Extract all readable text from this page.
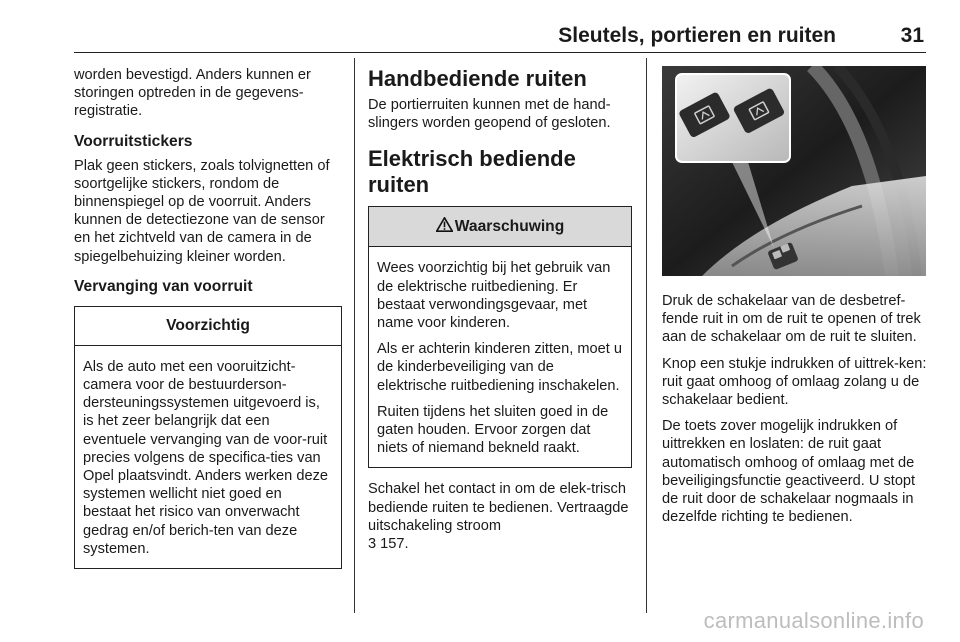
Sleutels, portieren en ruiten	31

worden bevestigd. Anders kunnen er storingen optreden in de gegevens-registratie.

Voorruitstickers

Plak geen stickers, zoals tolvignetten of soortgelijke stickers, rondom de binnenspiegel op de voorruit. Anders kunnen de detectiezone van de sensor en het zichtveld van de camera in de spiegelbehuizing kleiner worden.

Vervanging van voorruit
Voorzichtig

Als de auto met een vooruitzicht-camera voor de bestuurderson-dersteuningssystemen uitgevoerd is, is het zeer belangrijk dat een eventuele vervanging van de voor-ruit precies volgens de specifica-ties van Opel plaatsvindt. Anders werken deze systemen wellicht niet goed en bestaat het risico van onverwacht gedrag en/of berich-ten van deze systemen.

Handbediende ruiten

De portierruiten kunnen met de hand-slingers worden geopend of gesloten.

Elektrisch bediende ruiten
Waarschuwing

Wees voorzichtig bij het gebruik van de elektrische ruitbediening. Er bestaat verwondingsgevaar, met name voor kinderen.

Als er achterin kinderen zitten, moet u de kinderbeveiliging van de elektrische ruitbediening inschakelen.

Ruiten tijdens het sluiten goed in de gaten houden. Ervoor zorgen dat niets of niemand bekneld raakt.

Schakel het contact in om de elek-trisch bediende ruiten te bedienen. Vertraagde uitschakeling stroom

3 157.

Druk de schakelaar van de desbetref-fende ruit in om de ruit te openen of trek aan de schakelaar om de ruit te sluiten.

Knop een stukje indrukken of uittrek-ken: ruit gaat omhoog of omlaag zolang u de schakelaar bedient.

De toets zover mogelijk indrukken of uittrekken en loslaten: de ruit gaat automatisch omhoog of omlaag met de beveiligingsfunctie geactiveerd. U stopt de ruit door de schakelaar nogmaals in dezelfde richting te bedienen.

carmanualsonline.info
